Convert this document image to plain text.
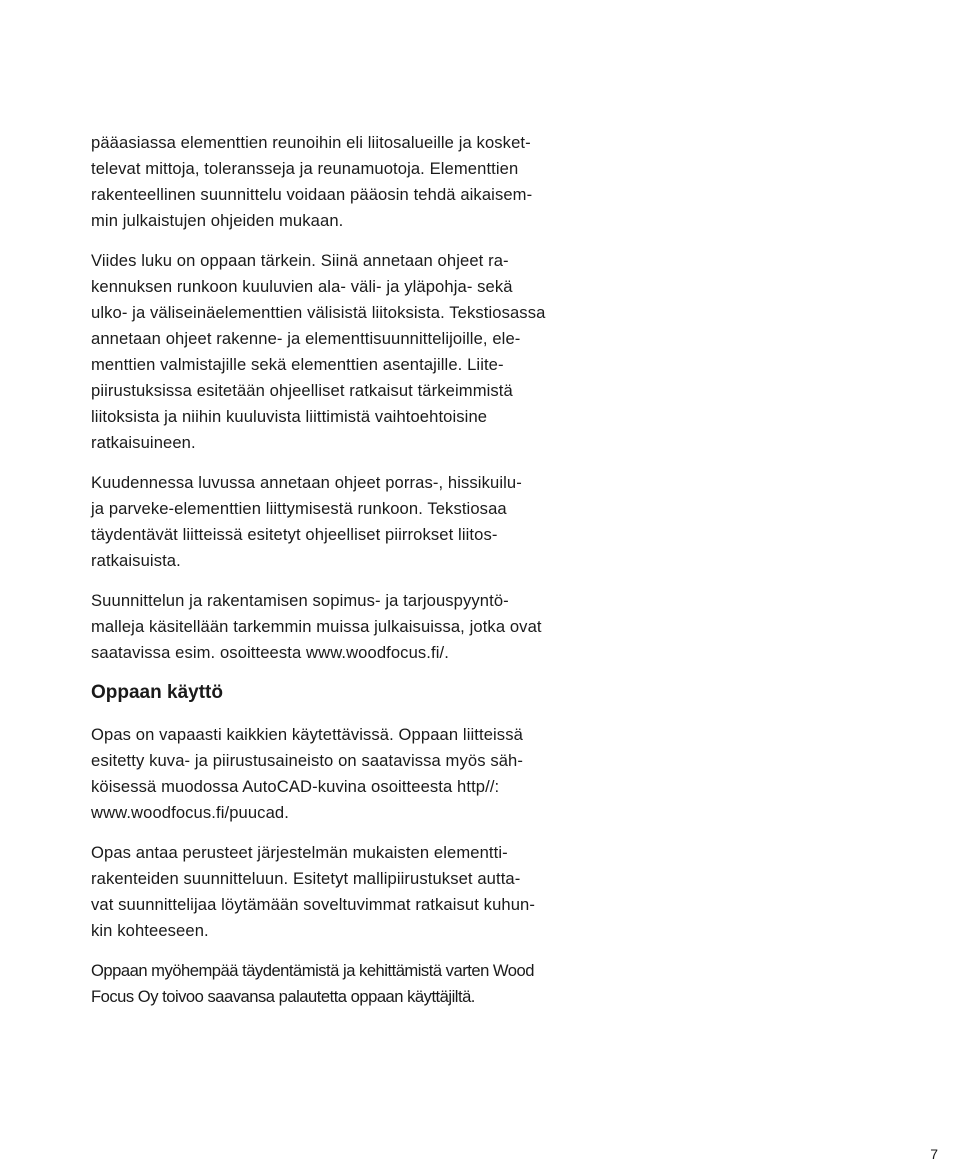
pääasiassa elementtien reunoihin eli liitosalueille ja kosket-
televat mittoja, toleransseja ja reunamuotoja. Elementtien
rakenteellinen suunnittelu voidaan pääosin tehdä aikaisem-
min julkaistujen ohjeiden mukaan.

Viides luku on oppaan tärkein. Siinä annetaan ohjeet ra-
kennuksen runkoon kuuluvien ala- väli- ja yläpohja- sekä
ulko- ja väliseinäelementtien välisistä liitoksista. Tekstiosassa
annetaan ohjeet rakenne- ja elementtisuunnittelijoille, ele-
menttien valmistajille sekä elementtien asentajille. Liite-
piirustuksissa esitetään ohjeelliset ratkaisut tärkeimmistä
liitoksista ja niihin kuuluvista liittimistä vaihtoehtoisine
ratkaisuineen.

Kuudennessa luvussa annetaan ohjeet porras-, hissikuilu-
ja parveke-elementtien liittymisestä runkoon. Tekstiosaa
täydentävät liitteissä esitetyt ohjeelliset piirrokset liitos-
ratkaisuista.

Suunnittelun ja rakentamisen sopimus- ja tarjouspyyntö-
malleja käsitellään tarkemmin muissa julkaisuissa, jotka ovat
saatavissa esim. osoitteesta www.woodfocus.fi/.

Oppaan käyttö

Opas on vapaasti kaikkien käytettävissä. Oppaan liitteissä
esitetty kuva- ja piirustusaineisto on saatavissa myös säh-
köisessä muodossa AutoCAD-kuvina osoitteesta http//:
www.woodfocus.fi/puucad.

Opas antaa perusteet järjestelmän mukaisten elementti-
rakenteiden suunnitteluun. Esitetyt mallipiirustukset autta-
vat suunnittelijaa löytämään soveltuvimmat ratkaisut kuhun-
kin kohteeseen.

Oppaan myöhempää täydentämistä ja kehittämistä varten Wood
Focus Oy toivoo saavansa palautetta oppaan käyttäjiltä.

7
